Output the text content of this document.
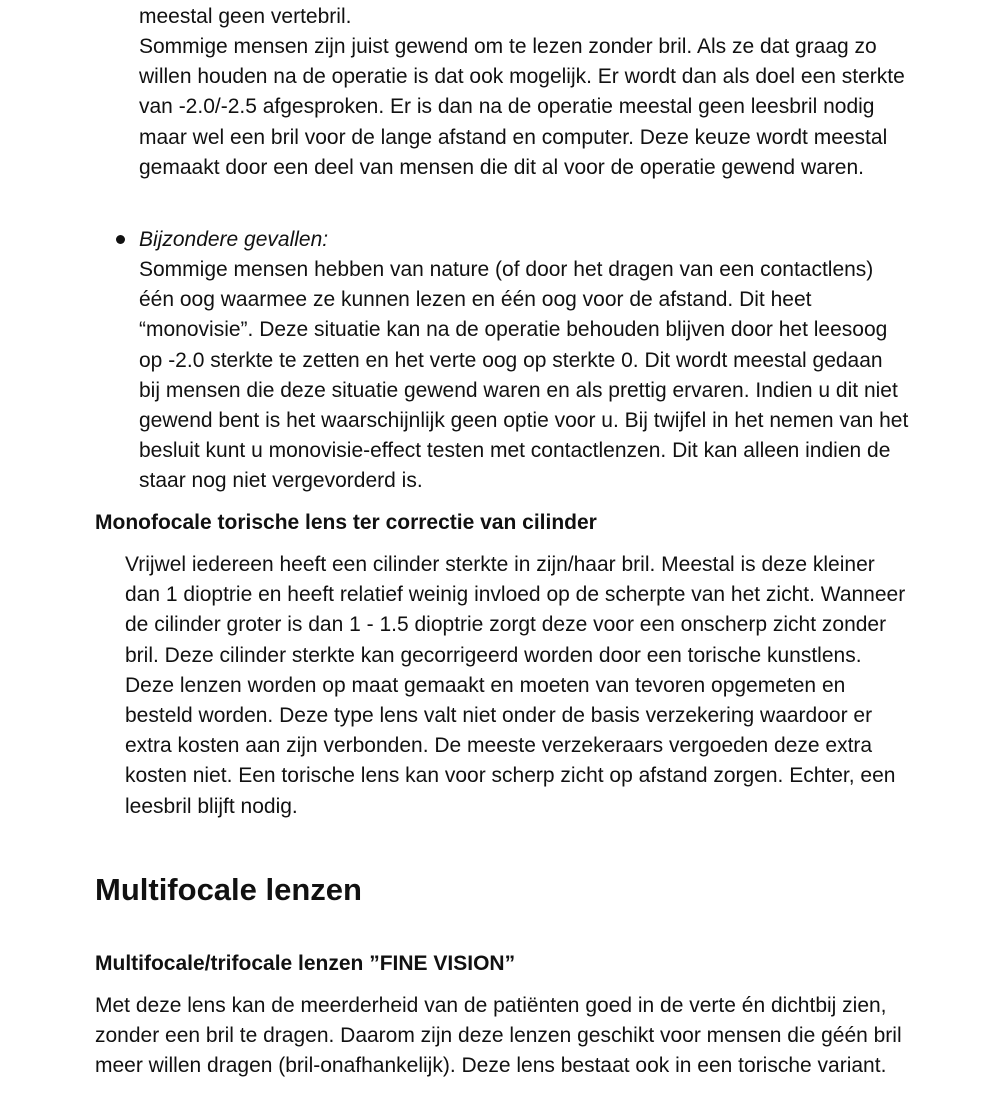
meestal geen vertebril.

Sommige mensen zijn juist gewend om te lezen zonder bril. Als ze dat graag zo willen houden na de operatie is dat ook mogelijk. Er wordt dan als doel een sterkte van -2.0/-2.5 afgesproken. Er is dan na de operatie meestal geen leesbril nodig maar wel een bril voor de lange afstand en computer. Deze keuze wordt meestal gemaakt door een deel van mensen die dit al voor de operatie gewend waren.

Bijzondere gevallen:

Sommige mensen hebben van nature (of door het dragen van een contactlens) één oog waarmee ze kunnen lezen en één oog voor de afstand. Dit heet “monovisie”. Deze situatie kan na de operatie behouden blijven door het leesoog op -2.0 sterkte te zetten en het verte oog op sterkte 0. Dit wordt meestal gedaan bij mensen die deze situatie gewend waren en als prettig ervaren. Indien u dit niet gewend bent is het waarschijnlijk geen optie voor u. Bij twijfel in het nemen van het besluit kunt u monovisie-effect testen met contactlenzen. Dit kan alleen indien de staar nog niet vergevorderd is.

Monofocale torische lens ter correctie van cilinder

Vrijwel iedereen heeft een cilinder sterkte in zijn/haar bril. Meestal is deze kleiner dan 1 dioptrie en heeft relatief weinig invloed op de scherpte van het zicht. Wanneer de cilinder groter is dan 1 - 1.5 dioptrie zorgt deze voor een onscherp zicht zonder bril. Deze cilinder sterkte kan gecorrigeerd worden door een torische kunstlens. Deze lenzen worden op maat gemaakt en moeten van tevoren opgemeten en besteld worden. Deze type lens valt niet onder de basis verzekering waardoor er extra kosten aan zijn verbonden. De meeste verzekeraars vergoeden deze extra kosten niet. Een torische lens kan voor scherp zicht op afstand zorgen. Echter, een leesbril blijft nodig.

Multifocale lenzen
Multifocale/trifocale lenzen ”FINE VISION”

Met deze lens kan de meerderheid van de patiënten goed in de verte én dichtbij zien, zonder een bril te dragen. Daarom zijn deze lenzen geschikt voor mensen die géén bril meer willen dragen (bril-onafhankelijk). Deze lens bestaat ook in een torische variant.
